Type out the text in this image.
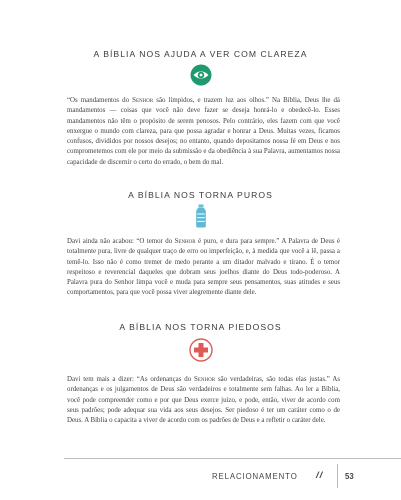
A BÍBLIA NOS AJUDA A VER COM CLAREZA
“Os mandamentos do Senhor são límpidos, e trazem luz aos olhos.” Na Bíblia, Deus lhe dá mandamentos — coisas que você não deve fazer se deseja honrá-lo e obedecê-lo. Esses mandamentos não têm o propósito de serem penosos. Pelo contrário, eles fazem com que você enxergue o mundo com clareza, para que possa agradar e honrar a Deus. Muitas vezes, ficamos confusos, divididos por nossos desejos; no entanto, quando depositamos nossa fé em Deus e nos comprometemos com ele por meio da submissão e da obediência à sua Palavra, aumentamos nossa capacidade de discernir o certo do errado, o bem do mal.
A BÍBLIA NOS TORNA PUROS
Davi ainda não acabou: “O temor do Senhor é puro, e dura para sempre.” A Palavra de Deus é totalmente pura, livre de qualquer traço de erro ou imperfeição, e, à medida que você a lê, passa a temê-lo. Isso não é como tremer de medo perante a um ditador malvado e tirano. É o temor respeitoso e reverencial daqueles que dobram seus joelhos diante do Deus todo-poderoso. A Palavra pura do Senhor limpa você e muda para sempre seus pensamentos, suas atitudes e seus comportamentos, para que você possa viver alegremente diante dele.
A BÍBLIA NOS TORNA PIEDOSOS
Davi tem mais a dizer: “As ordenanças do Senhor são verdadeiras, são todas elas justas.” As ordenanças e os julgamentos de Deus são verdadeiros e totalmente sem falhas. Ao ler a Bíblia, você pode compreender como e por que Deus exerce juízo, e pode, então, viver de acordo com seus padrões; pode adequar sua vida aos seus desejos. Ser piedoso é ter um caráter como o de Deus. A Bíblia o capacita a viver de acordo com os padrões de Deus e a refletir o caráter dele.
RELACIONAMENTO //	53
